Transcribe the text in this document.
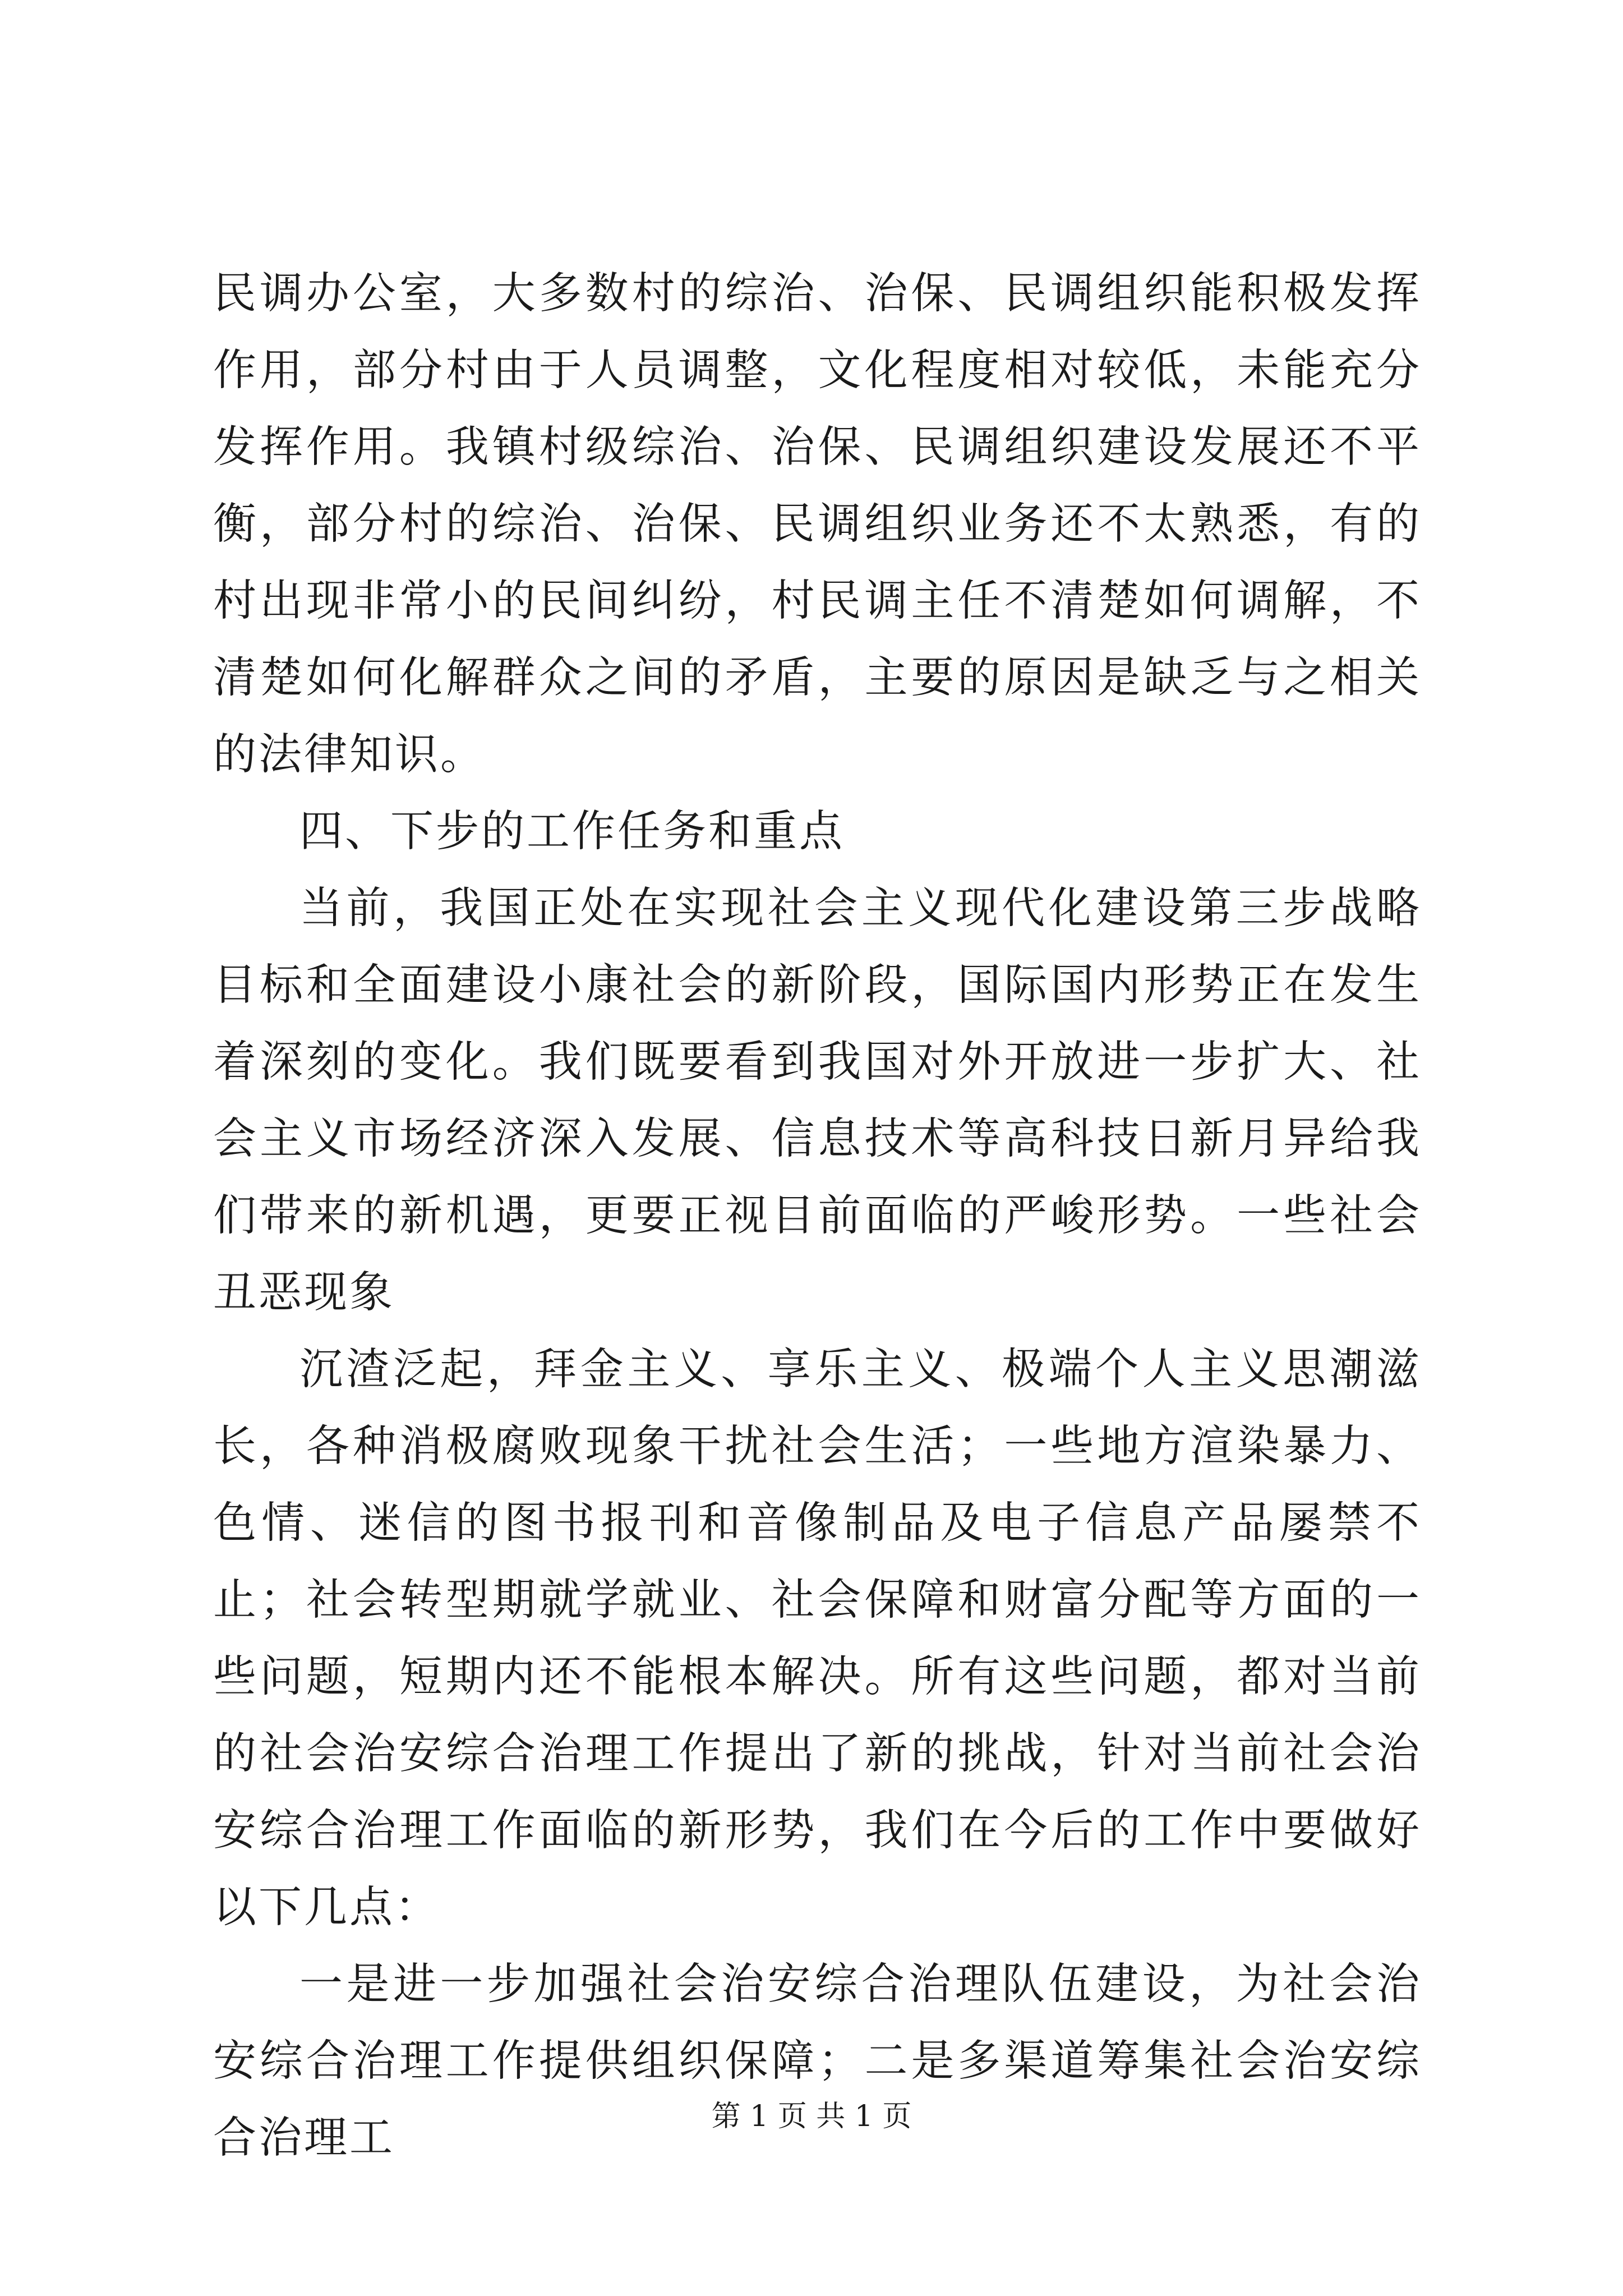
民调办公室，大多数村的综治、治保、民调组织能积极发挥作用，部分村由于人员调整，文化程度相对较低，未能充分发挥作用。我镇村级综治、治保、民调组织建设发展还不平衡，部分村的综治、治保、民调组织业务还不太熟悉，有的村出现非常小的民间纠纷，村民调主任不清楚如何调解，不清楚如何化解群众之间的矛盾，主要的原因是缺乏与之相关的法律知识。

四、下步的工作任务和重点

当前，我国正处在实现社会主义现代化建设第三步战略目标和全面建设小康社会的新阶段，国际国内形势正在发生着深刻的变化。我们既要看到我国对外开放进一步扩大、社会主义市场经济深入发展、信息技术等高科技日新月异给我们带来的新机遇，更要正视目前面临的严峻形势。一些社会丑恶现象

沉渣泛起，拜金主义、享乐主义、极端个人主义思潮滋长，各种消极腐败现象干扰社会生活；一些地方渲染暴力、色情、迷信的图书报刊和音像制品及电子信息产品屡禁不止；社会转型期就学就业、社会保障和财富分配等方面的一些问题，短期内还不能根本解决。所有这些问题，都对当前的社会治安综合治理工作提出了新的挑战，针对当前社会治安综合治理工作面临的新形势，我们在今后的工作中要做好以下几点：

一是进一步加强社会治安综合治理队伍建设，为社会治安综合治理工作提供组织保障；二是多渠道筹集社会治安综合治理工	第 1 页 共 1 页
